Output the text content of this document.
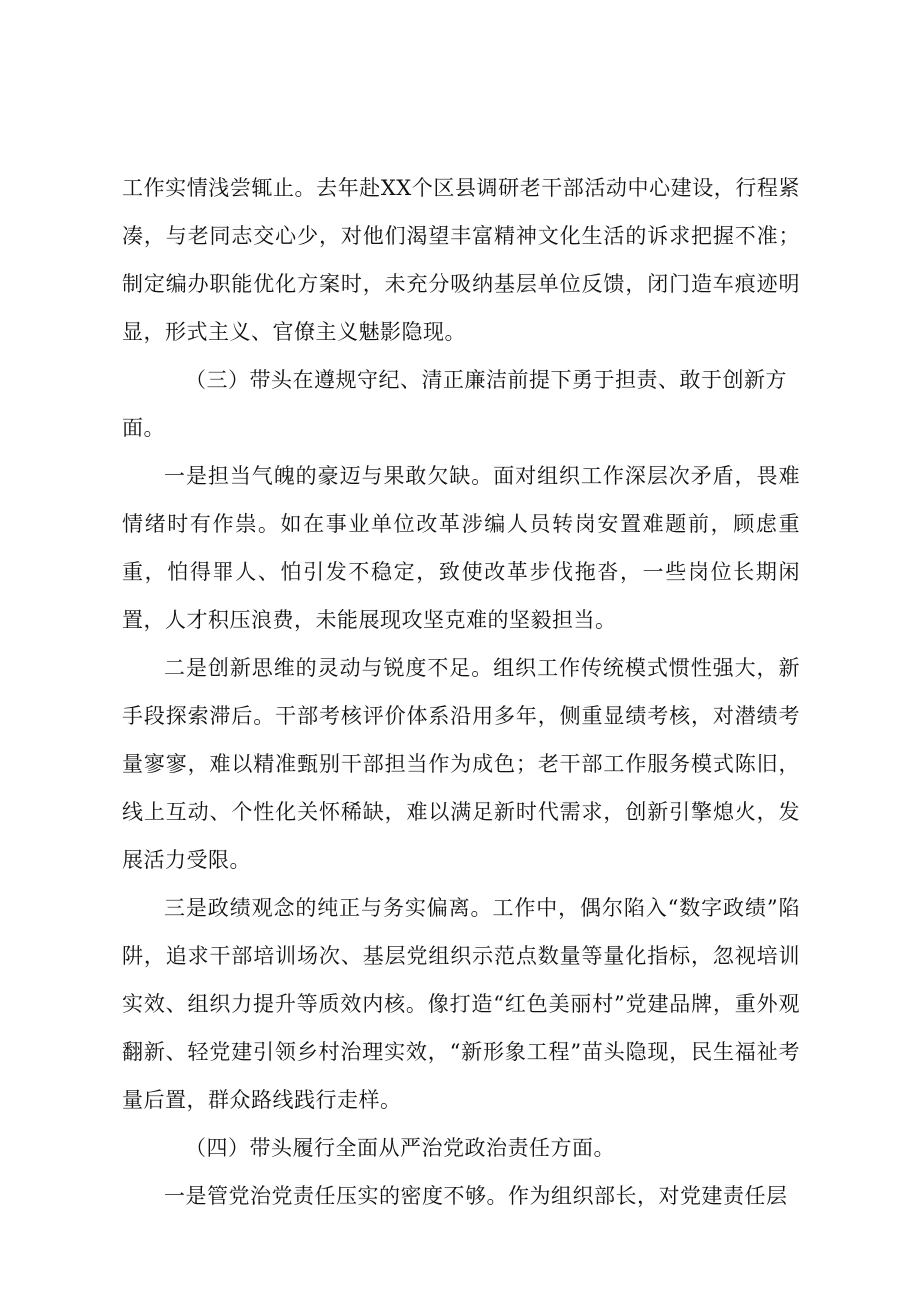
工作实情浅尝辄止。去年赴XX个区县调研老干部活动中心建设，行程紧凑，与老同志交心少，对他们渴望丰富精神文化生活的诉求把握不准；制定编办职能优化方案时，未充分吸纳基层单位反馈，闭门造车痕迹明显，形式主义、官僚主义魅影隐现。

（三）带头在遵规守纪、清正廉洁前提下勇于担责、敢于创新方面。

一是担当气魄的豪迈与果敢欠缺。面对组织工作深层次矛盾，畏难情绪时有作祟。如在事业单位改革涉编人员转岗安置难题前，顾虑重重，怕得罪人、怕引发不稳定，致使改革步伐拖沓，一些岗位长期闲置，人才积压浪费，未能展现攻坚克难的坚毅担当。

二是创新思维的灵动与锐度不足。组织工作传统模式惯性强大，新手段探索滞后。干部考核评价体系沿用多年，侧重显绩考核，对潜绩考量寥寥，难以精准甄别干部担当作为成色；老干部工作服务模式陈旧，线上互动、个性化关怀稀缺，难以满足新时代需求，创新引擎熄火，发展活力受限。

三是政绩观念的纯正与务实偏离。工作中，偶尔陷入“数字政绩”陷阱，追求干部培训场次、基层党组织示范点数量等量化指标，忽视培训实效、组织力提升等质效内核。像打造“红色美丽村”党建品牌，重外观翻新、轻党建引领乡村治理实效，“新形象工程”苗头隐现，民生福祉考量后置，群众路线践行走样。

（四）带头履行全面从严治党政治责任方面。

一是管党治党责任压实的密度不够。作为组织部长，对党建责任层
